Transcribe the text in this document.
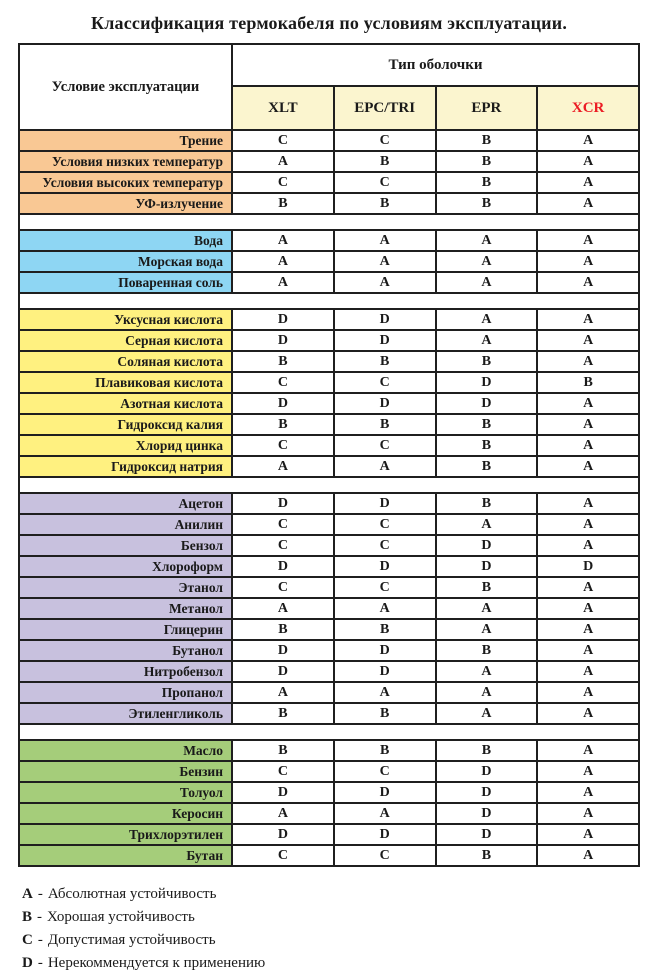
Классификация термокабеля по условиям эксплуатации.
Условие эксплуатации
Тип оболочки
XLT	EPC/TRI	EPR	XCR
Трение	C	C	B	A
Условия низких температур	A	B	B	A
Условия высоких температур	C	C	B	A
УФ-излучение	B	B	B	A
Вода	A	A	A	A
Морская вода	A	A	A	A
Поваренная соль	A	A	A	A
Уксусная кислота	D	D	A	A
Серная кислота	D	D	A	A
Соляная кислота	B	B	B	A
Плавиковая кислота	C	C	D	B
Азотная кислота	D	D	D	A
Гидроксид калия	B	B	B	A
Хлорид цинка	C	C	B	A
Гидроксид натрия	A	A	B	A
Ацетон	D	D	B	A
Анилин	C	C	A	A
Бензол	C	C	D	A
Хлороформ	D	D	D	D
Этанол	C	C	B	A
Метанол	A	A	A	A
Глицерин	B	B	A	A
Бутанол	D	D	B	A
Нитробензол	D	D	A	A
Пропанол	A	A	A	A
Этиленгликоль	B	B	A	A
Масло	B	B	B	A
Бензин	C	C	D	A
Толуол	D	D	D	A
Керосин	A	A	D	A
Трихлорэтилен	D	D	D	A
Бутан	C	C	B	A
A - Абсолютная устойчивость
B - Хорошая устойчивость
C - Допустимая устойчивость
D - Нерекоммендуется к применению
